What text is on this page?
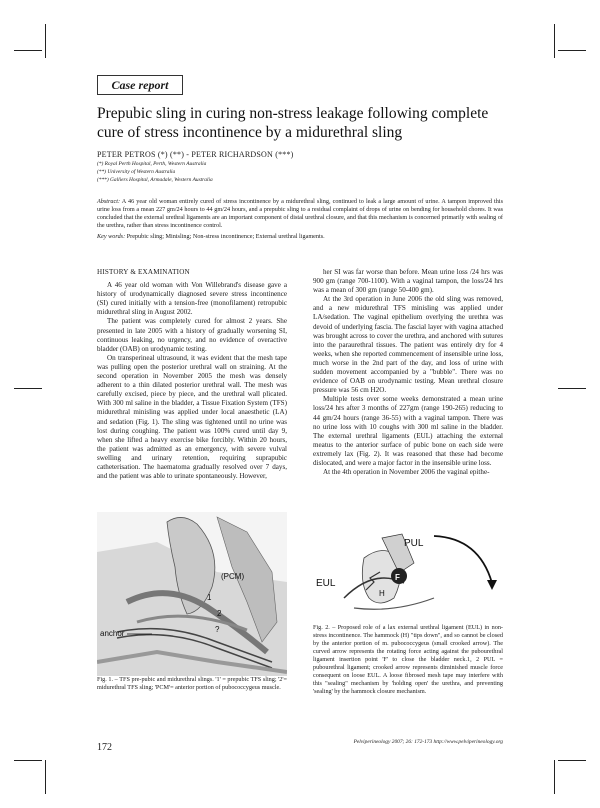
Case report
Prepubic sling in curing non-stress leakage following complete cure of stress incontinence by a midurethral sling
PETER PETROS (*) (**) - PETER RICHARDSON (***)
(*) Royal Perth Hospital, Perth, Western Australia
(**) University of Western Australia
(***) Galliers Hospital, Armadale, Western Australia
Abstract: A 46 year old woman entirely cured of stress incontinence by a midurethral sling, continued to leak a large amount of urine. A tampon improved this urine loss from a mean 227 gm/24 hours to 44 gm/24 hours, and a prepubic sling to a residual complaint of drops of urine on bending for household chores. It was concluded that the external urethral ligaments are an important component of distal urethral closure, and that this mechanism is concerned primarily with sealing of the urethra, rather than stress incontinence control.
Key words: Prepubic sling; Minisling; Non-stress incontinence; External urethral ligaments.

HISTORY & EXAMINATION

A 46 year old woman with Von Willebrand's disease gave a history of urodynamically diagnosed severe stress incontinence (SI) cured initially with a tension-free (monofilament) retropubic midurethral sling in August 2002.

The patient was completely cured for almost 2 years. She presented in late 2005 with a history of gradually worsening SI, continuous leaking, no urgency, and no evidence of overactive bladder (OAB) on urodynamic testing.

On transperineal ultrasound, it was evident that the mesh tape was pulling open the posterior urethral wall on straining. At the second operation in November 2005 the mesh was densely adherent to a thin dilated posterior urethral wall. The mesh was carefully excised, piece by piece, and the urethral wall plicated. With 300 ml saline in the bladder, a Tissue Fixation System (TFS) midurethral minisling was applied under local anaesthetic (LA) and sedation (Fig. 1). The sling was tightened until no urine was lost during coughing. The patient was 100% cured until day 9, when she lifted a heavy exercise bike forcibly. Within 20 hours, the patient was admitted as an emergency, with severe vulval swelling and urinary retention, requiring suprapubic catheterisation. The haematoma gradually resolved over 7 days, and the patient was able to urinate spontaneously. However,

her SI was far worse than before. Mean urine loss /24 hrs was 900 gm (range 700-1100). With a vaginal tampon, the loss/24 hrs was a mean of 300 gm (range 50-400 gm).

At the 3rd operation in June 2006 the old sling was removed, and a new midurethral TFS minisling was applied under LA/sedation. The vaginal epithelium overlying the urethra was devoid of underlying fascia. The fascial layer with vagina attached was brought across to cover the urethra, and anchored with sutures into the paraurethral tissues. The patient was entirely dry for 4 weeks, when she reported commencement of insensible urine loss, much worse in the 2nd part of the day, and loss of urine with sudden movement accompanied by a "bubble". There was no evidence of OAB on urodynamic testing. Mean urethral closure pressure was 56 cm H2O.

Multiple tests over some weeks demonstrated a mean urine loss/24 hrs after 3 months of 227gm (range 190-265) reducing to 44 gm/24 hours (range 36-55) with a vaginal tampon. There was no urine loss with 10 coughs with 300 ml saline in the bladder. The external urethral ligaments (EUL) attaching the external meatus to the anterior surface of pubic bone on each side were extremely lax (Fig. 2). It was reasoned that these had become dislocated, and were a major factor in the insensible urine loss.

At the 4th operation in November 2006 the vaginal epithe-

(PCM)
1
2
?
anchor
F
PUL
EUL
H
Fig. 1. – TFS pre-pubic and midurethral slings. '1' = prepubic TFS sling; '2'= midurethral TFS sling; 'PCM'= anterior portion of pubococcygeus muscle.
Fig. 2. – Proposed role of a lax external urethral ligament (EUL) in non-stress incontinence. The hammock (H) "tips down", and so cannot be closed by the anterior portion of m. pubococcygeus (small crooked arrow). The curved arrow represents the rotating force acting against the pubourethral ligament insertion point 'F' to close the bladder neck.1, 2 PUL = pubourethral ligament; crooked arrow represents diminished muscle force consequent on loose EUL. A loose fibrosed mesh tape may interfere with this "sealing" mechanism by 'holding open' the urethra, and preventing 'sealing' by the hammock closure mechanism.
172	Pelviperineology 2007; 26: 172-173 http://www.pelviperineology.org
